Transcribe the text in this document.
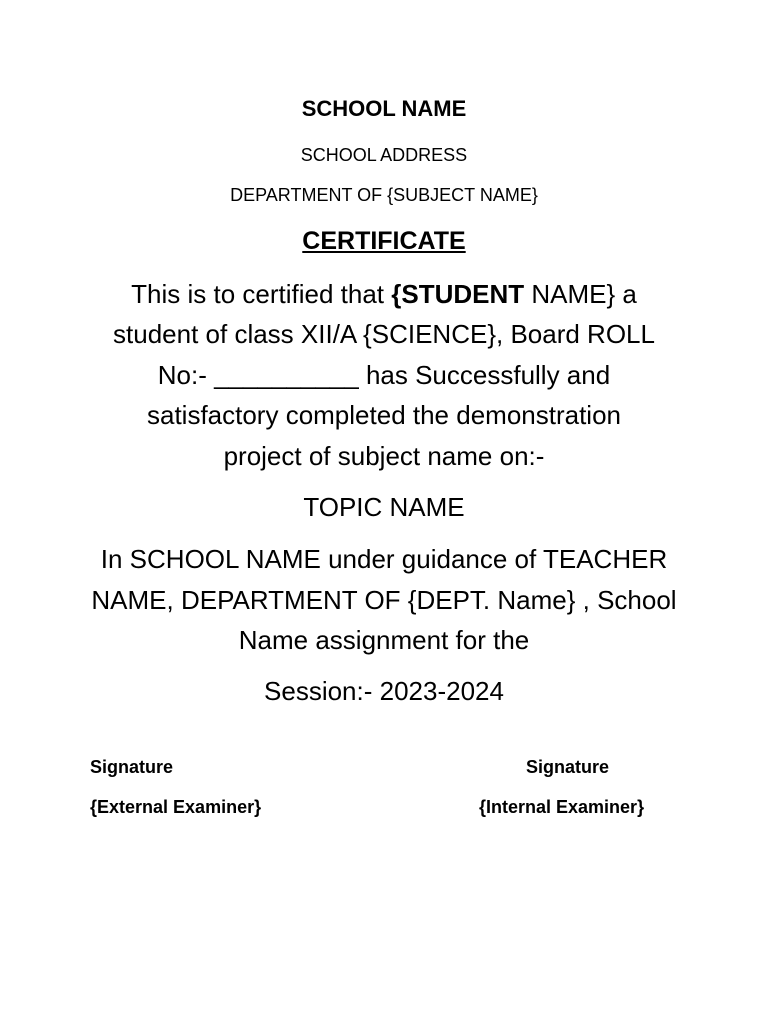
SCHOOL NAME
SCHOOL ADDRESS
DEPARTMENT OF {SUBJECT NAME}
CERTIFICATE
This is to certified that {STUDENT NAME} a
student of class XII/A {SCIENCE}, Board ROLL
No:- __________ has Successfully and
satisfactory completed the demonstration
project of subject name on:-
TOPIC NAME
In SCHOOL NAME under guidance of TEACHER
NAME, DEPARTMENT OF {DEPT. Name} , School
Name assignment for the
Session:- 2023-2024
Signature
{External Examiner}
Signature
{Internal Examiner}
